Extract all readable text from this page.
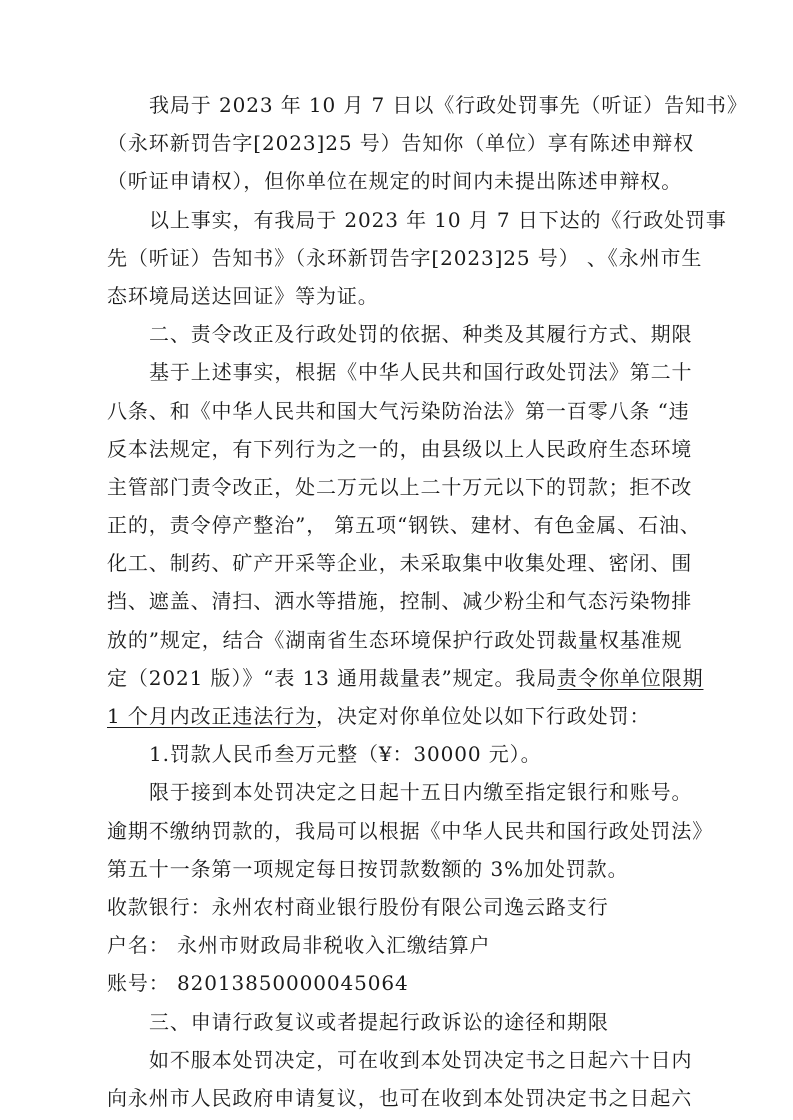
我局于 2023 年 10 月 7 日以《行政处罚事先（听证）告知书》
（永环新罚告字[2023]25 号）告知你（单位）享有陈述申辩权
（听证申请权），但你单位在规定的时间内未提出陈述申辩权。
以上事实，有我局于 2023 年 10 月 7 日下达的《行政处罚事
先（听证）告知书》（永环新罚告字[2023]25 号） 、《永州市生
态环境局送达回证》等为证。
二、责令改正及行政处罚的依据、种类及其履行方式、期限
基于上述事实，根据《中华人民共和国行政处罚法》第二十
八条、和《中华人民共和国大气污染防治法》第一百零八条 “违
反本法规定，有下列行为之一的，由县级以上人民政府生态环境
主管部门责令改正，处二万元以上二十万元以下的罚款；拒不改
正的，责令停产整治”， 第五项“钢铁、建材、有色金属、石油、
化工、制药、矿产开采等企业，未采取集中收集处理、密闭、围
挡、遮盖、清扫、洒水等措施，控制、减少粉尘和气态污染物排
放的”规定，结合《湖南省生态环境保护行政处罚裁量权基准规
定（2021 版）》“表 13 通用裁量表”规定。我局责令你单位限期
1 个月内改正违法行为，决定对你单位处以如下行政处罚：
1.罚款人民币叁万元整（¥：30000 元）。
限于接到本处罚决定之日起十五日内缴至指定银行和账号。
逾期不缴纳罚款的，我局可以根据《中华人民共和国行政处罚法》
第五十一条第一项规定每日按罚款数额的 3%加处罚款。
收款银行：永州农村商业银行股份有限公司逸云路支行
户名： 永州市财政局非税收入汇缴结算户
账号： 82013850000045064
三、申请行政复议或者提起行政诉讼的途径和期限
如不服本处罚决定，可在收到本处罚决定书之日起六十日内
向永州市人民政府申请复议，也可在收到本处罚决定书之日起六
